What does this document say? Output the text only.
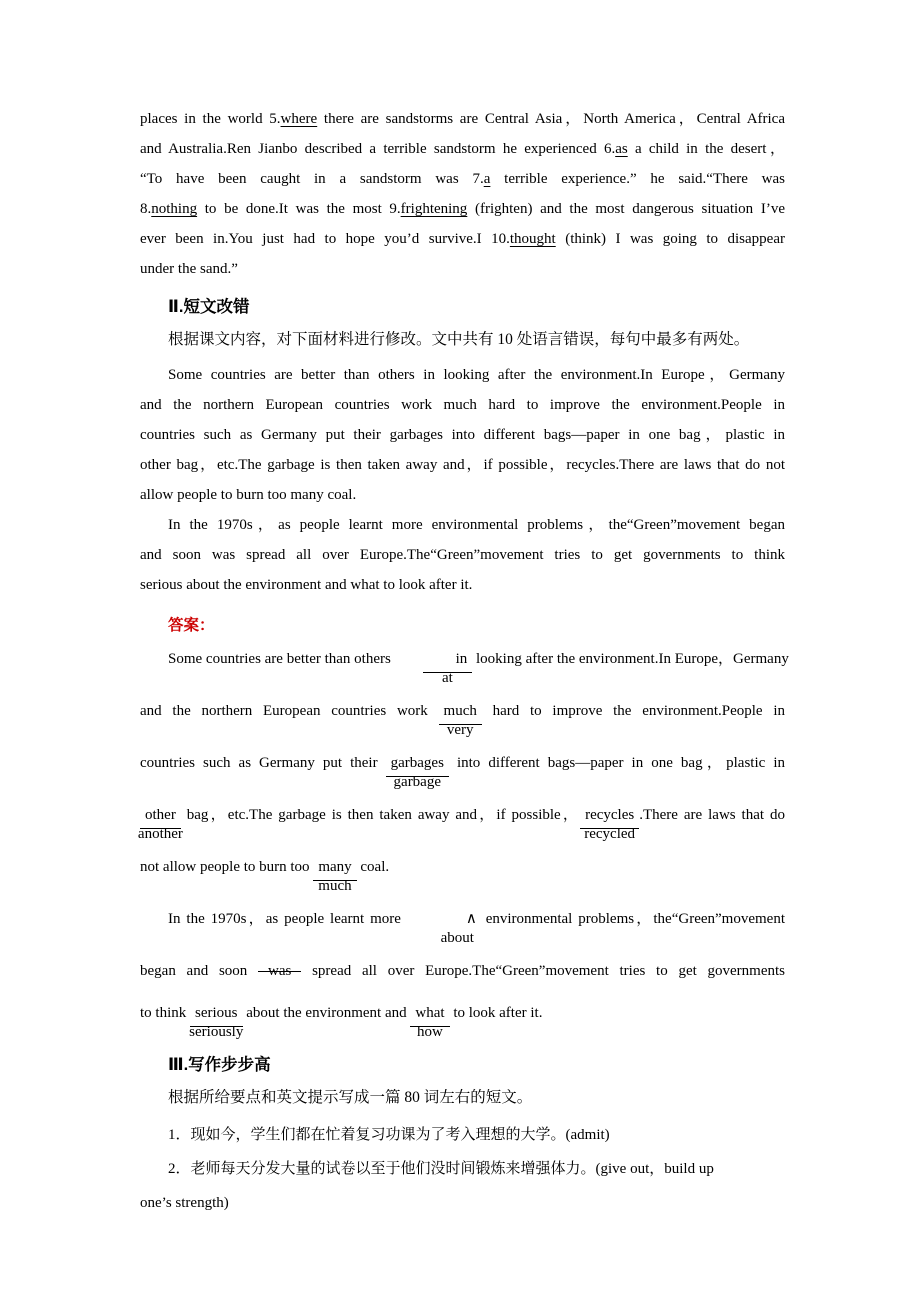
places in the world 5.where there are sandstorms are Central Asia，North America，Central Africa
and Australia.Ren Jianbo described a terrible sandstorm he experienced 6.as a child in the desert，
“To have been caught in a sandstorm was 7.a terrible experience.” he said.“There was
8.nothing to be done.It was the most 9.frightening (frighten) and the most dangerous situation I’ve
ever been in.You just had to hope you’d survive.I 10.thought (think) I was going to disappear
under the sand.”
Ⅱ.短文改错

根据课文内容，对下面材料进行修改。文中共有 10 处语言错误，每句中最多有两处。

Some countries are better than others in looking after the environment.In Europe，Germany
and the northern European countries work much hard to improve the environment.People in
countries such as Germany put their garbages into different bags—paper in one bag，plastic in
other bag，etc.The garbage is then taken away and，if possible，recycles.There are laws that do not
allow people to burn too many coal.
In the 1970s，as people learnt more environmental problems，the“Green”movement began
and soon was spread all over Europe.The“Green”movement tries to get governments to think
serious about the environment and what to look after it.

答案：

Some countries are better than others $\frac{in}{at}$ looking after the environment.In Europe，Germany
and the northern European countries work much
very
hard to improve the environment.People in
countries such as Germany put their garbages
garbage
into different bags—paper in one bag，plastic in
other
another
bag，etc.The garbage is then taken away and，if possible， recycles
recycled
.There are laws that do
not allow people to burn too many
much
coal.
In the 1970s，as people learnt more	∧
about
environmental problems，the“Green”movement
began and soon was spread all over Europe.The“Green”movement tries to get governments
to think serious
seriously
about the environment and what
how
to look after it.
Ⅲ.写作步步高

根据所给要点和英文提示写成一篇 80 词左右的短文。

1．现如今，学生们都在忙着复习功课为了考入理想的大学。(admit)
2．老师每天分发大量的试卷以至于他们没时间锻炼来增强体力。(give out，build up
one’s strength)
